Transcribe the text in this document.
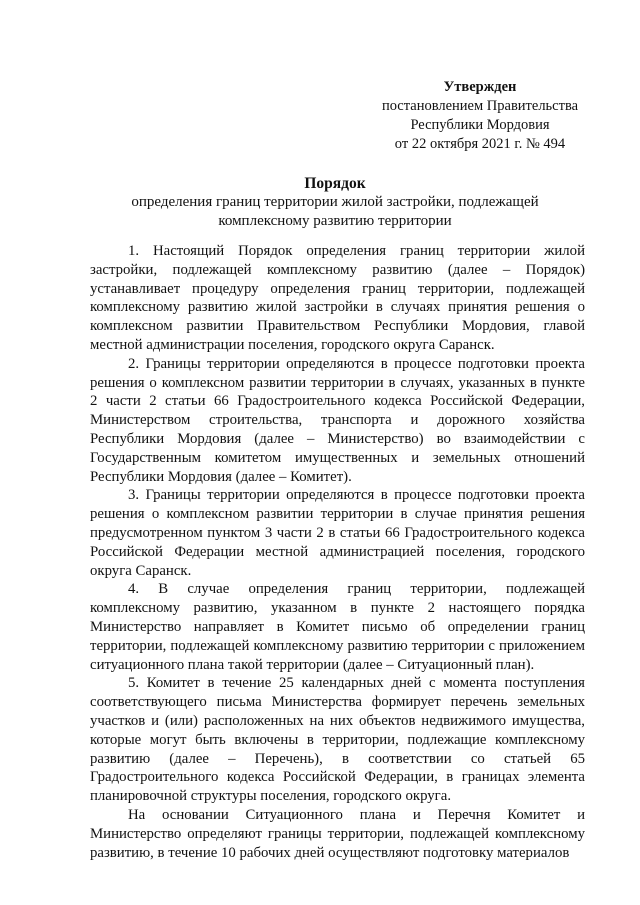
Утвержден
постановлением Правительства
Республики Мордовия
от 22 октября 2021 г. № 494
Порядок
определения границ территории жилой застройки, подлежащей комплексному развитию территории

1. Настоящий Порядок определения границ территории жилой застройки, подлежащей комплексному развитию (далее – Порядок) устанавливает процедуру определения границ территории, подлежащей комплексному развитию жилой застройки в случаях принятия решения о комплексном развитии Правительством Республики Мордовия, главой местной администрации поселения, городского округа Саранск.

2. Границы территории определяются в процессе подготовки проекта решения о комплексном развитии территории в случаях, указанных в пункте 2 части 2 статьи 66 Градостроительного кодекса Российской Федерации, Министерством строительства, транспорта и дорожного хозяйства Республики Мордовия (далее – Министерство) во взаимодействии с Государственным комитетом имущественных и земельных отношений Республики Мордовия (далее – Комитет).

3. Границы территории определяются в процессе подготовки проекта решения о комплексном развитии территории в случае принятия решения предусмотренном пунктом 3 части 2 в статьи 66 Градостроительного кодекса Российской Федерации местной администрацией поселения, городского округа Саранск.

4. В случае определения границ территории, подлежащей комплексному развитию, указанном в пункте 2 настоящего порядка Министерство направляет в Комитет письмо об определении границ территории, подлежащей комплексному развитию территории с приложением ситуационного плана такой территории (далее – Ситуационный план).

5. Комитет в течение 25 календарных дней с момента поступления соответствующего письма Министерства формирует перечень земельных участков и (или) расположенных на них объектов недвижимого имущества, которые могут быть включены в территории, подлежащие комплексному развитию (далее – Перечень), в соответствии со статьей 65 Градостроительного кодекса Российской Федерации, в границах элемента планировочной структуры поселения, городского округа.

На основании Ситуационного плана и Перечня Комитет и Министерство определяют границы территории, подлежащей комплексному развитию, в течение 10 рабочих дней осуществляют подготовку материалов
